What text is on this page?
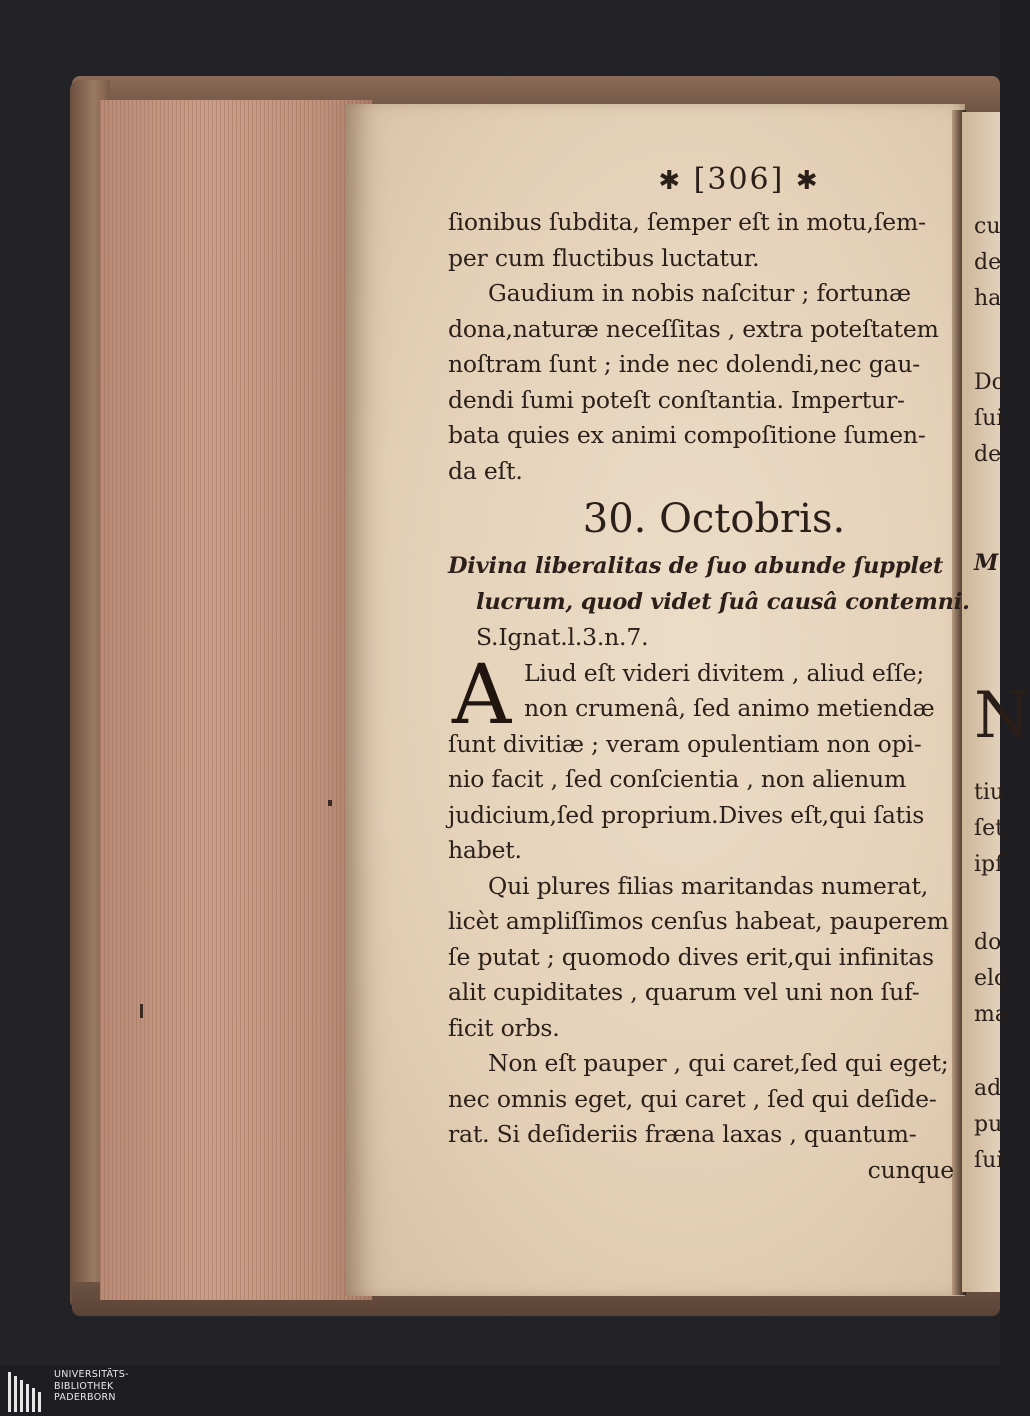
cu
de
ha
Do
ſui
de
M
N
tiu
ſet,
ipſ
do
elo
ma
ad
pu
ſui
✱ [306] ✱
ſionibus ſubdita, ſemper eſt in motu,ſem-
per cum fluctibus luctatur.
Gaudium in nobis naſcitur ; fortunæ
dona,naturæ neceſſitas , extra poteſtatem
noſtram ſunt ; inde nec dolendi,nec gau-
dendi ſumi poteſt conſtantia. Impertur-
bata quies ex animi compoſitione ſumen-
da eſt.
30. Octobris.
Divina liberalitas de ſuo abunde ſupplet
lucrum, quod videt ſuâ causâ contemni.
S.Ignat.l.3.n.7.
A Liud eſt videri divitem , aliud eſſe;
non crumenâ, ſed animo metiendæ
ſunt divitiæ ; veram opulentiam non opi-
nio facit , ſed conſcientia , non alienum
judicium,ſed proprium.Dives eſt,qui ſatis
habet.
Qui plures filias maritandas numerat,
licèt ampliſſimos cenſus habeat, pauperem
ſe putat ; quomodo dives erit,qui infinitas
alit cupiditates , quarum vel uni non ſuf-
ficit orbs.
Non eſt pauper , qui caret,ſed qui eget;
nec omnis eget, qui caret , ſed qui deſide-
rat. Si deſideriis fræna laxas , quantum-
cunque
UNIVERSITÄTS-
BIBLIOTHEK
PADERBORN
